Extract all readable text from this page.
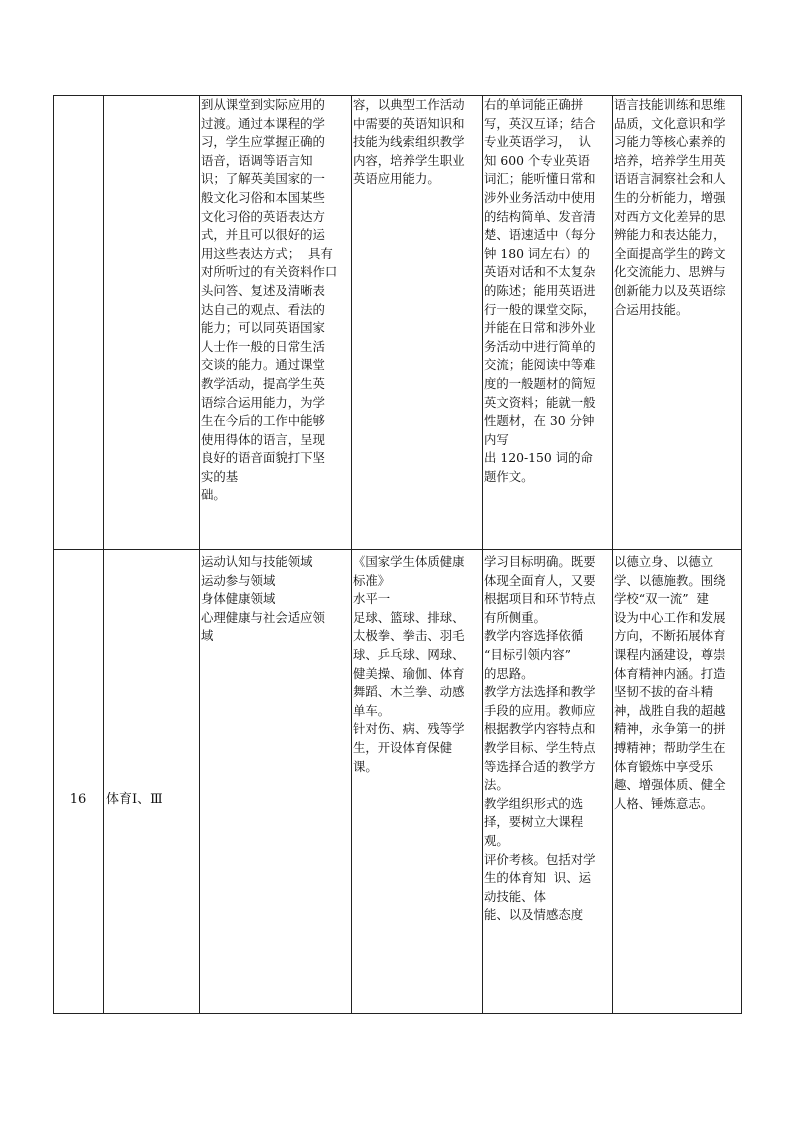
到从课堂到实际应用的
过渡。通过本课程的学
习，学生应掌握正确的
语音，语调等语言知
识；了解英美国家的一
般文化习俗和本国某些
文化习俗的英语表达方
式，并且可以很好的运
用这些表达方式；  具有
对所听过的有关资料作口
头问答、复述及清晰表
达自己的观点、看法的
能力；可以同英语国家
人士作一般的日常生活
交谈的能力。通过课堂
教学活动，提高学生英
语综合运用能力，为学
生在今后的工作中能够
使用得体的语言，呈现
良好的语音面貌打下坚
实的基
础。
容，以典型工作活动
中需要的英语知识和
技能为线索组织教学
内容，培养学生职业
英语应用能力。
右的单词能正确拼
写，英汉互译；结合
专业英语学习，  认
知 600 个专业英语
词汇；能听懂日常和
涉外业务活动中使用
的结构简单、发音清
楚、语速适中（每分
钟 180 词左右）的
英语对话和不太复杂
的陈述；能用英语进
行一般的课堂交际，
并能在日常和涉外业
务活动中进行简单的
交流；能阅读中等难
度的一般题材的简短
英文资料；能就一般
性题材，在 30 分钟
内写
出 120-150 词的命
题作文。
语言技能训练和思维
品质，文化意识和学
习能力等核心素养的
培养，培养学生用英
语语言洞察社会和人
生的分析能力，增强
对西方文化差异的思
辨能力和表达能力，
全面提高学生的跨文
化交流能力、思辨与
创新能力以及英语综
合运用技能。
16	体育Ⅰ、Ⅲ
运动认知与技能领域
运动参与领域
身体健康领域
心理健康与社会适应领
域
《国家学生体质健康
标准》
水平一
足球、篮球、排球、
太极拳、拳击、羽毛
球、乒乓球、网球、
健美操、瑜伽、体育
舞蹈、木兰拳、动感
单车。
针对伤、病、残等学
生，开设体育保健
课。
学习目标明确。既要
体现全面育人，又要
根据项目和环节特点
有所侧重。
教学内容选择依循
“目标引领内容”
的思路。
教学方法选择和教学
手段的应用。教师应
根据教学内容特点和
教学目标、学生特点
等选择合适的教学方
法。
教学组织形式的选
择，要树立大课程
观。
评价考核。包括对学
生的体育知  识、运
动技能、体
能、以及情感态度
以德立身、以德立
学、以德施教。围绕
学校“双一流”  建
设为中心工作和发展
方向，不断拓展体育
课程内涵建设，尊崇
体育精神内涵。打造
坚韧不拔的奋斗精
神，战胜自我的超越
精神，永争第一的拼
搏精神；帮助学生在
体育锻炼中享受乐
趣、增强体质、健全
人格、锤炼意志。
